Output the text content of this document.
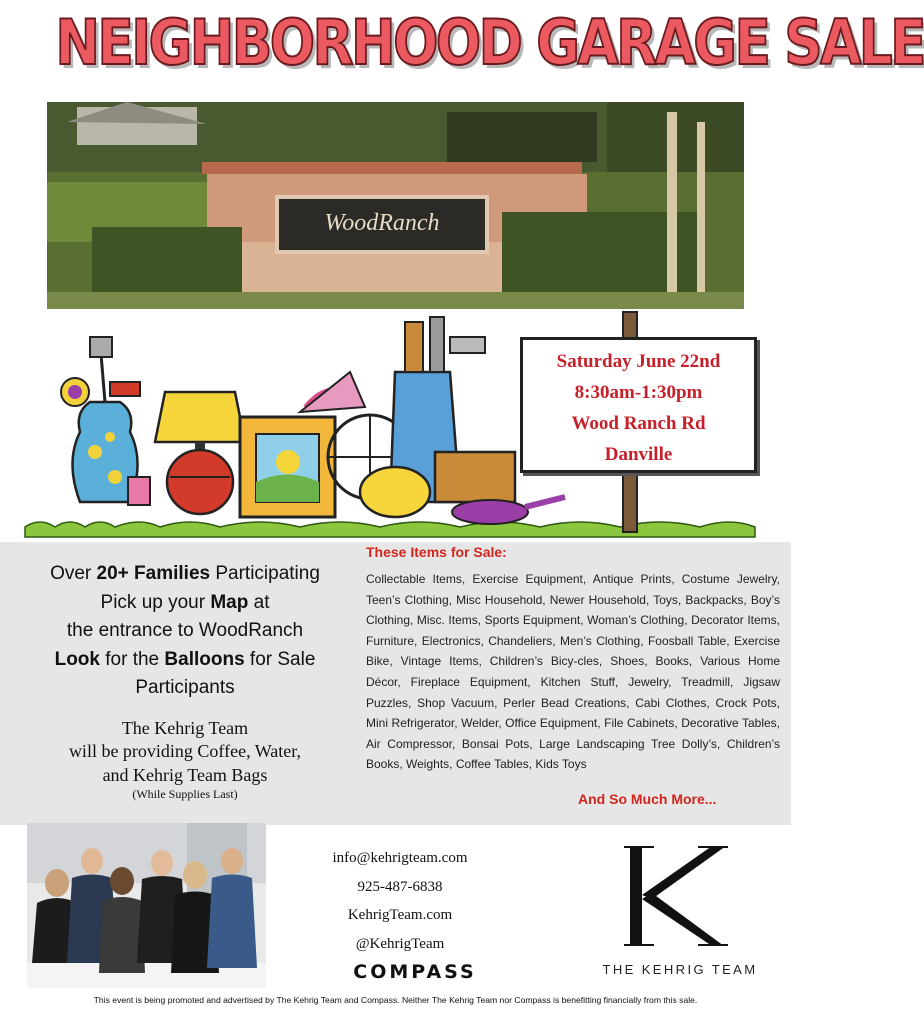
NEIGHBORHOOD GARAGE SALE
WoodRanch
Saturday June 22nd
8:30am-1:30pm
Wood Ranch Rd
Danville
Over 20+ Families Participating
Pick up your Map at
the entrance to WoodRanch
Look for the Balloons for Sale
Participants
The Kehrig Team
will be providing Coffee, Water,
and Kehrig Team Bags
(While Supplies Last)
These Items for Sale:
Collectable Items, Exercise Equipment, Antique Prints, Costume Jewelry, Teen’s Clothing, Misc Household, Newer Household, Toys, Backpacks, Boy’s Clothing, Misc. Items, Sports Equipment, Woman’s Clothing, Decorator Items, Furniture, Electronics, Chandeliers, Men’s Clothing, Foosball Table, Exercise Bike, Vintage Items, Children’s Bicy-cles, Shoes, Books, Various Home Décor, Fireplace Equipment, Kitchen Stuff, Jewelry, Treadmill, Jigsaw Puzzles, Shop Vacuum, Perler Bead Creations, Cabi Clothes, Crock Pots, Mini Refrigerator, Welder, Office Equipment, File Cabinets, Decorative Tables, Air Compressor, Bonsai Pots, Large Landscaping Tree Dolly’s, Children’s Books, Weights, Coffee Tables, Kids Toys
And So Much More...
info@kehrigteam.com
925-487-6838
KehrigTeam.com
@KehrigTeam
COMPASS	THE KEHRIG TEAM
This event is being promoted and advertised by The Kehrig Team and Compass. Neither The Kehrig Team nor Compass is benefitting financially from this sale.
